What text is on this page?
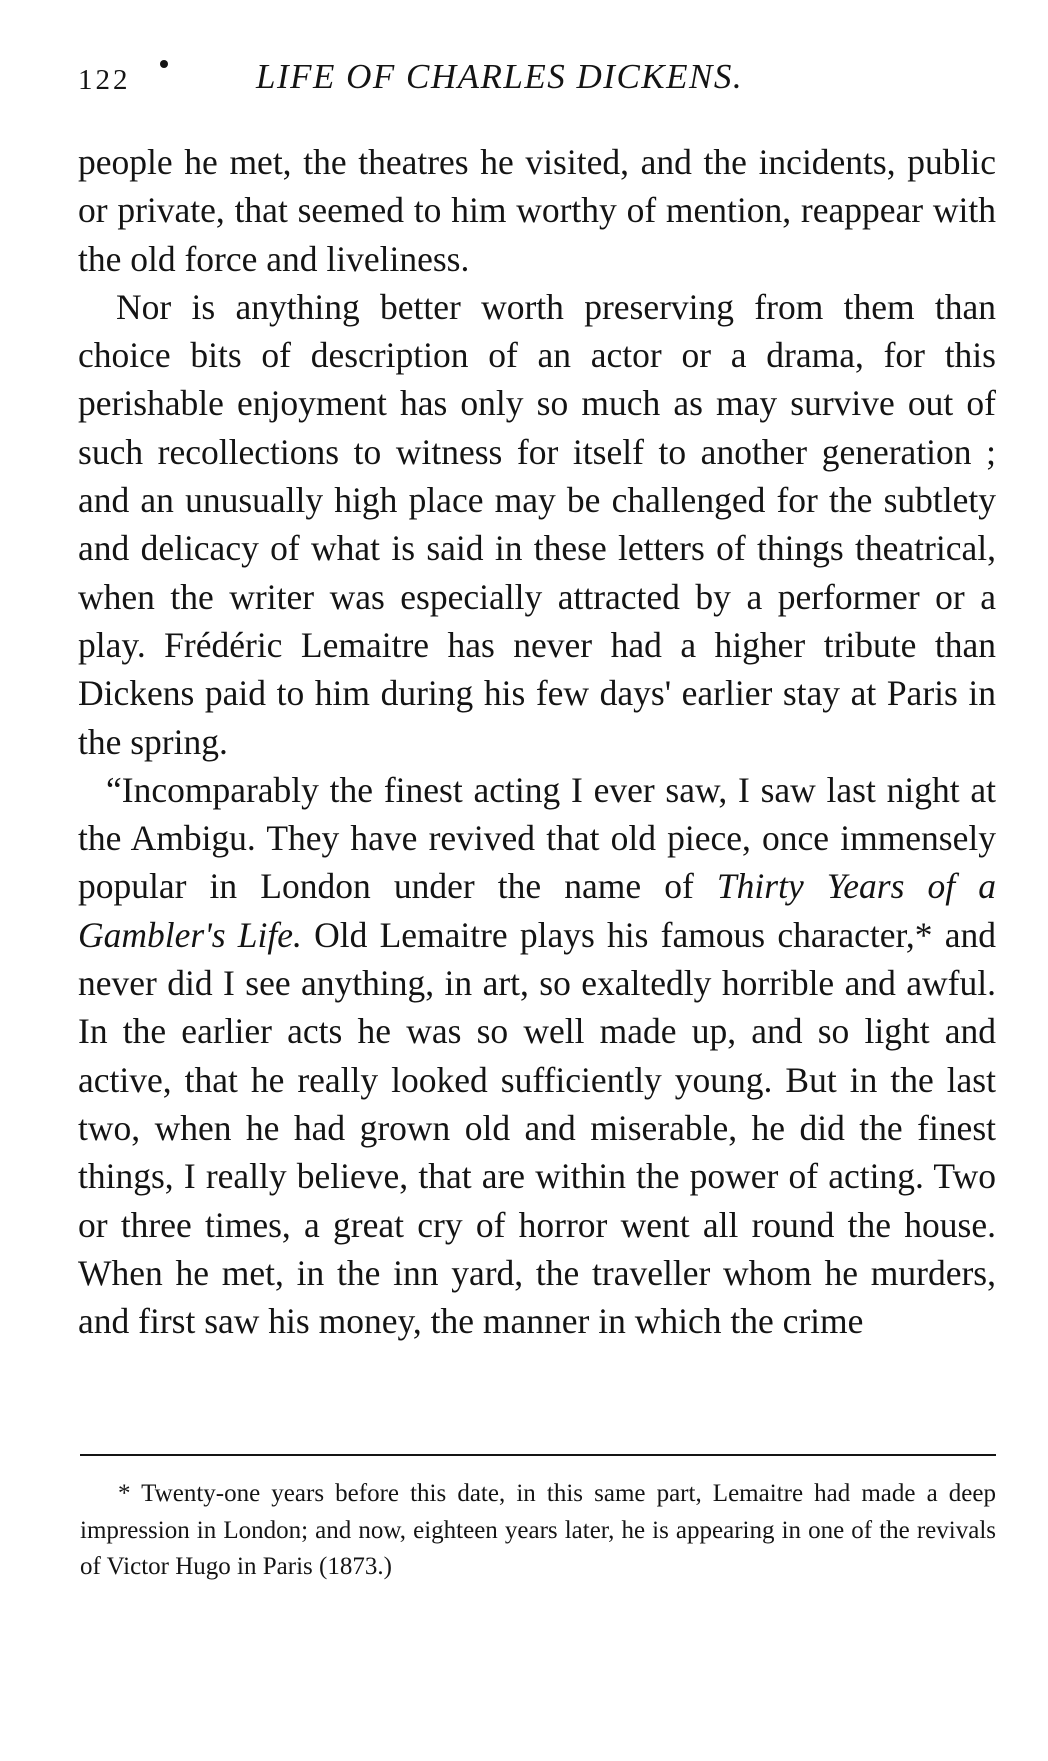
122	LIFE OF CHARLES DICKENS.

people he met, the theatres he visited, and the incidents, public or private, that seemed to him worthy of mention, reappear with the old force and liveliness.

Nor is anything better worth preserving from them than choice bits of description of an actor or a drama, for this perishable enjoyment has only so much as may survive out of such recollections to witness for itself to another generation ; and an unusually high place may be challenged for the subtlety and delicacy of what is said in these letters of things theatrical, when the writer was especially attracted by a performer or a play. Frédéric Lemaitre has never had a higher tribute than Dickens paid to him during his few days' earlier stay at Paris in the spring.

“Incomparably the finest acting I ever saw, I saw last night at the Ambigu. They have revived that old piece, once immensely popular in London under the name of Thirty Years of a Gambler's Life. Old Lemaitre plays his famous character,* and never did I see anything, in art, so exaltedly horrible and awful. In the earlier acts he was so well made up, and so light and active, that he really looked sufficiently young. But in the last two, when he had grown old and miserable, he did the finest things, I really believe, that are within the power of acting. Two or three times, a great cry of horror went all round the house. When he met, in the inn yard, the traveller whom he murders, and first saw his money, the manner in which the crime

* Twenty-one years before this date, in this same part, Lemaitre had made a deep impression in London; and now, eighteen years later, he is appearing in one of the revivals of Victor Hugo in Paris (1873.)
